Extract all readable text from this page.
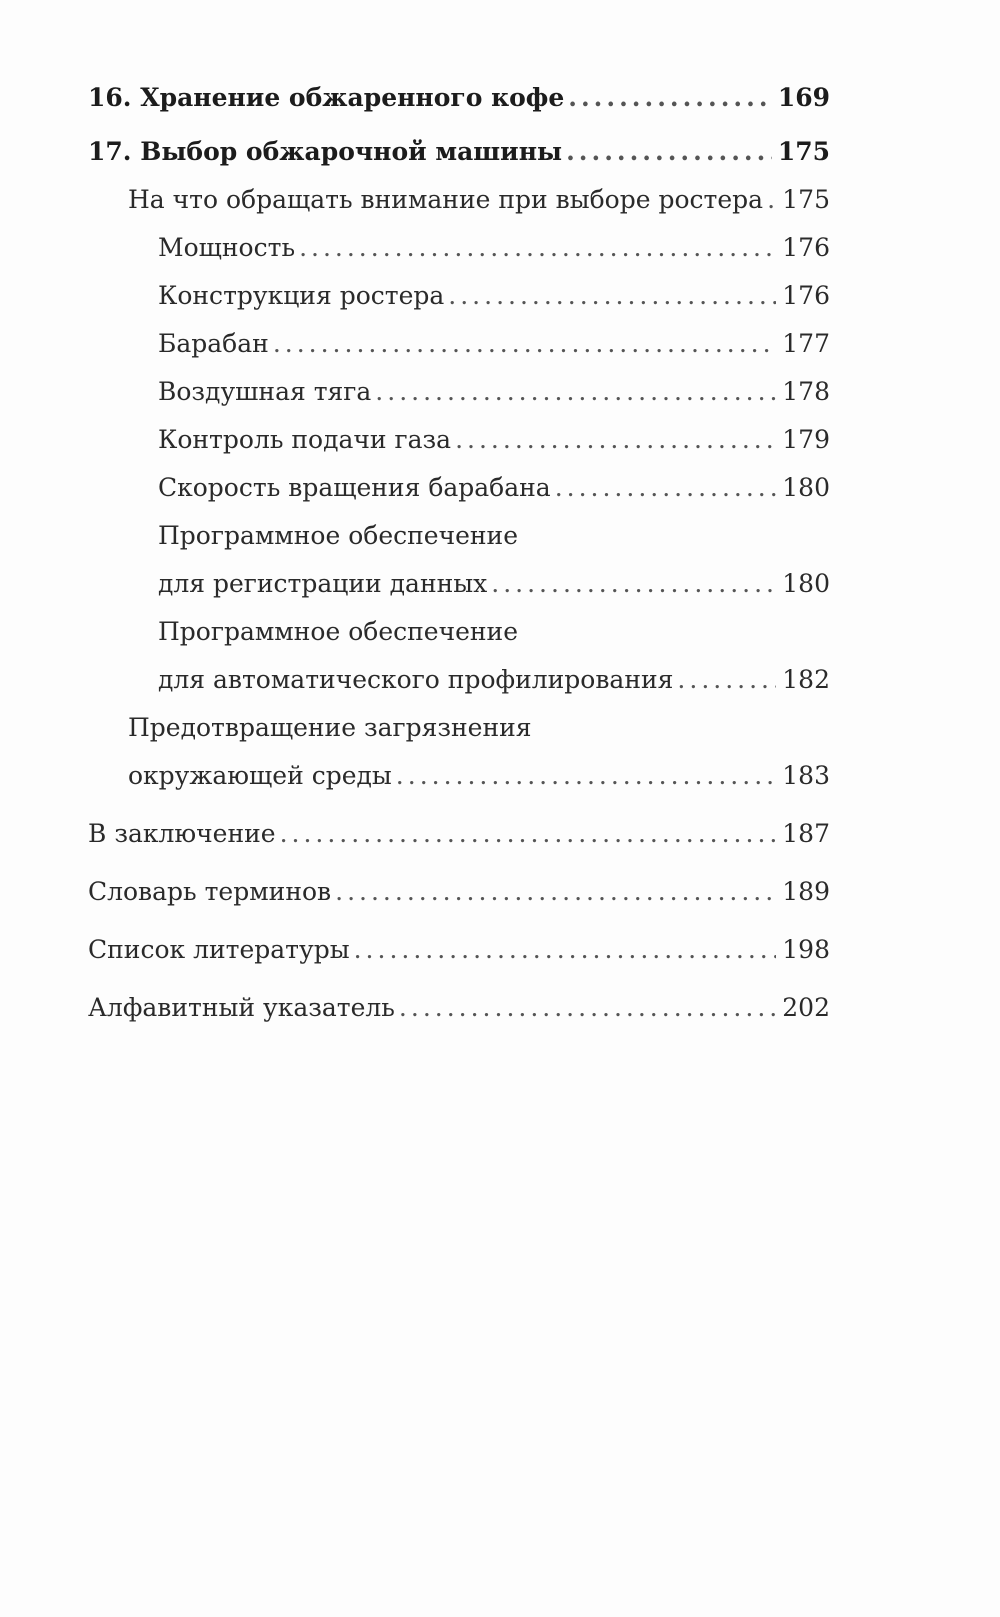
16. Хранение обжаренного кофе .....	169
17. Выбор обжарочной машины .....	175
На что обращать внимание при выборе ростера ..... 175
Мощность .....	176
Конструкция ростера .....	176
Барабан .....	177
Воздушная тяга .....	178
Контроль подачи газа .....	179
Скорость вращения барабана .....	180
Программное обеспечение
для регистрации данных .....	180
Программное обеспечение
для автоматического профилирования .....	182
Предотвращение загрязнения
окружающей среды .....	183
В заключение .....	187
Словарь терминов .....	189
Список литературы .....	198
Алфавитный указатель .....	202
